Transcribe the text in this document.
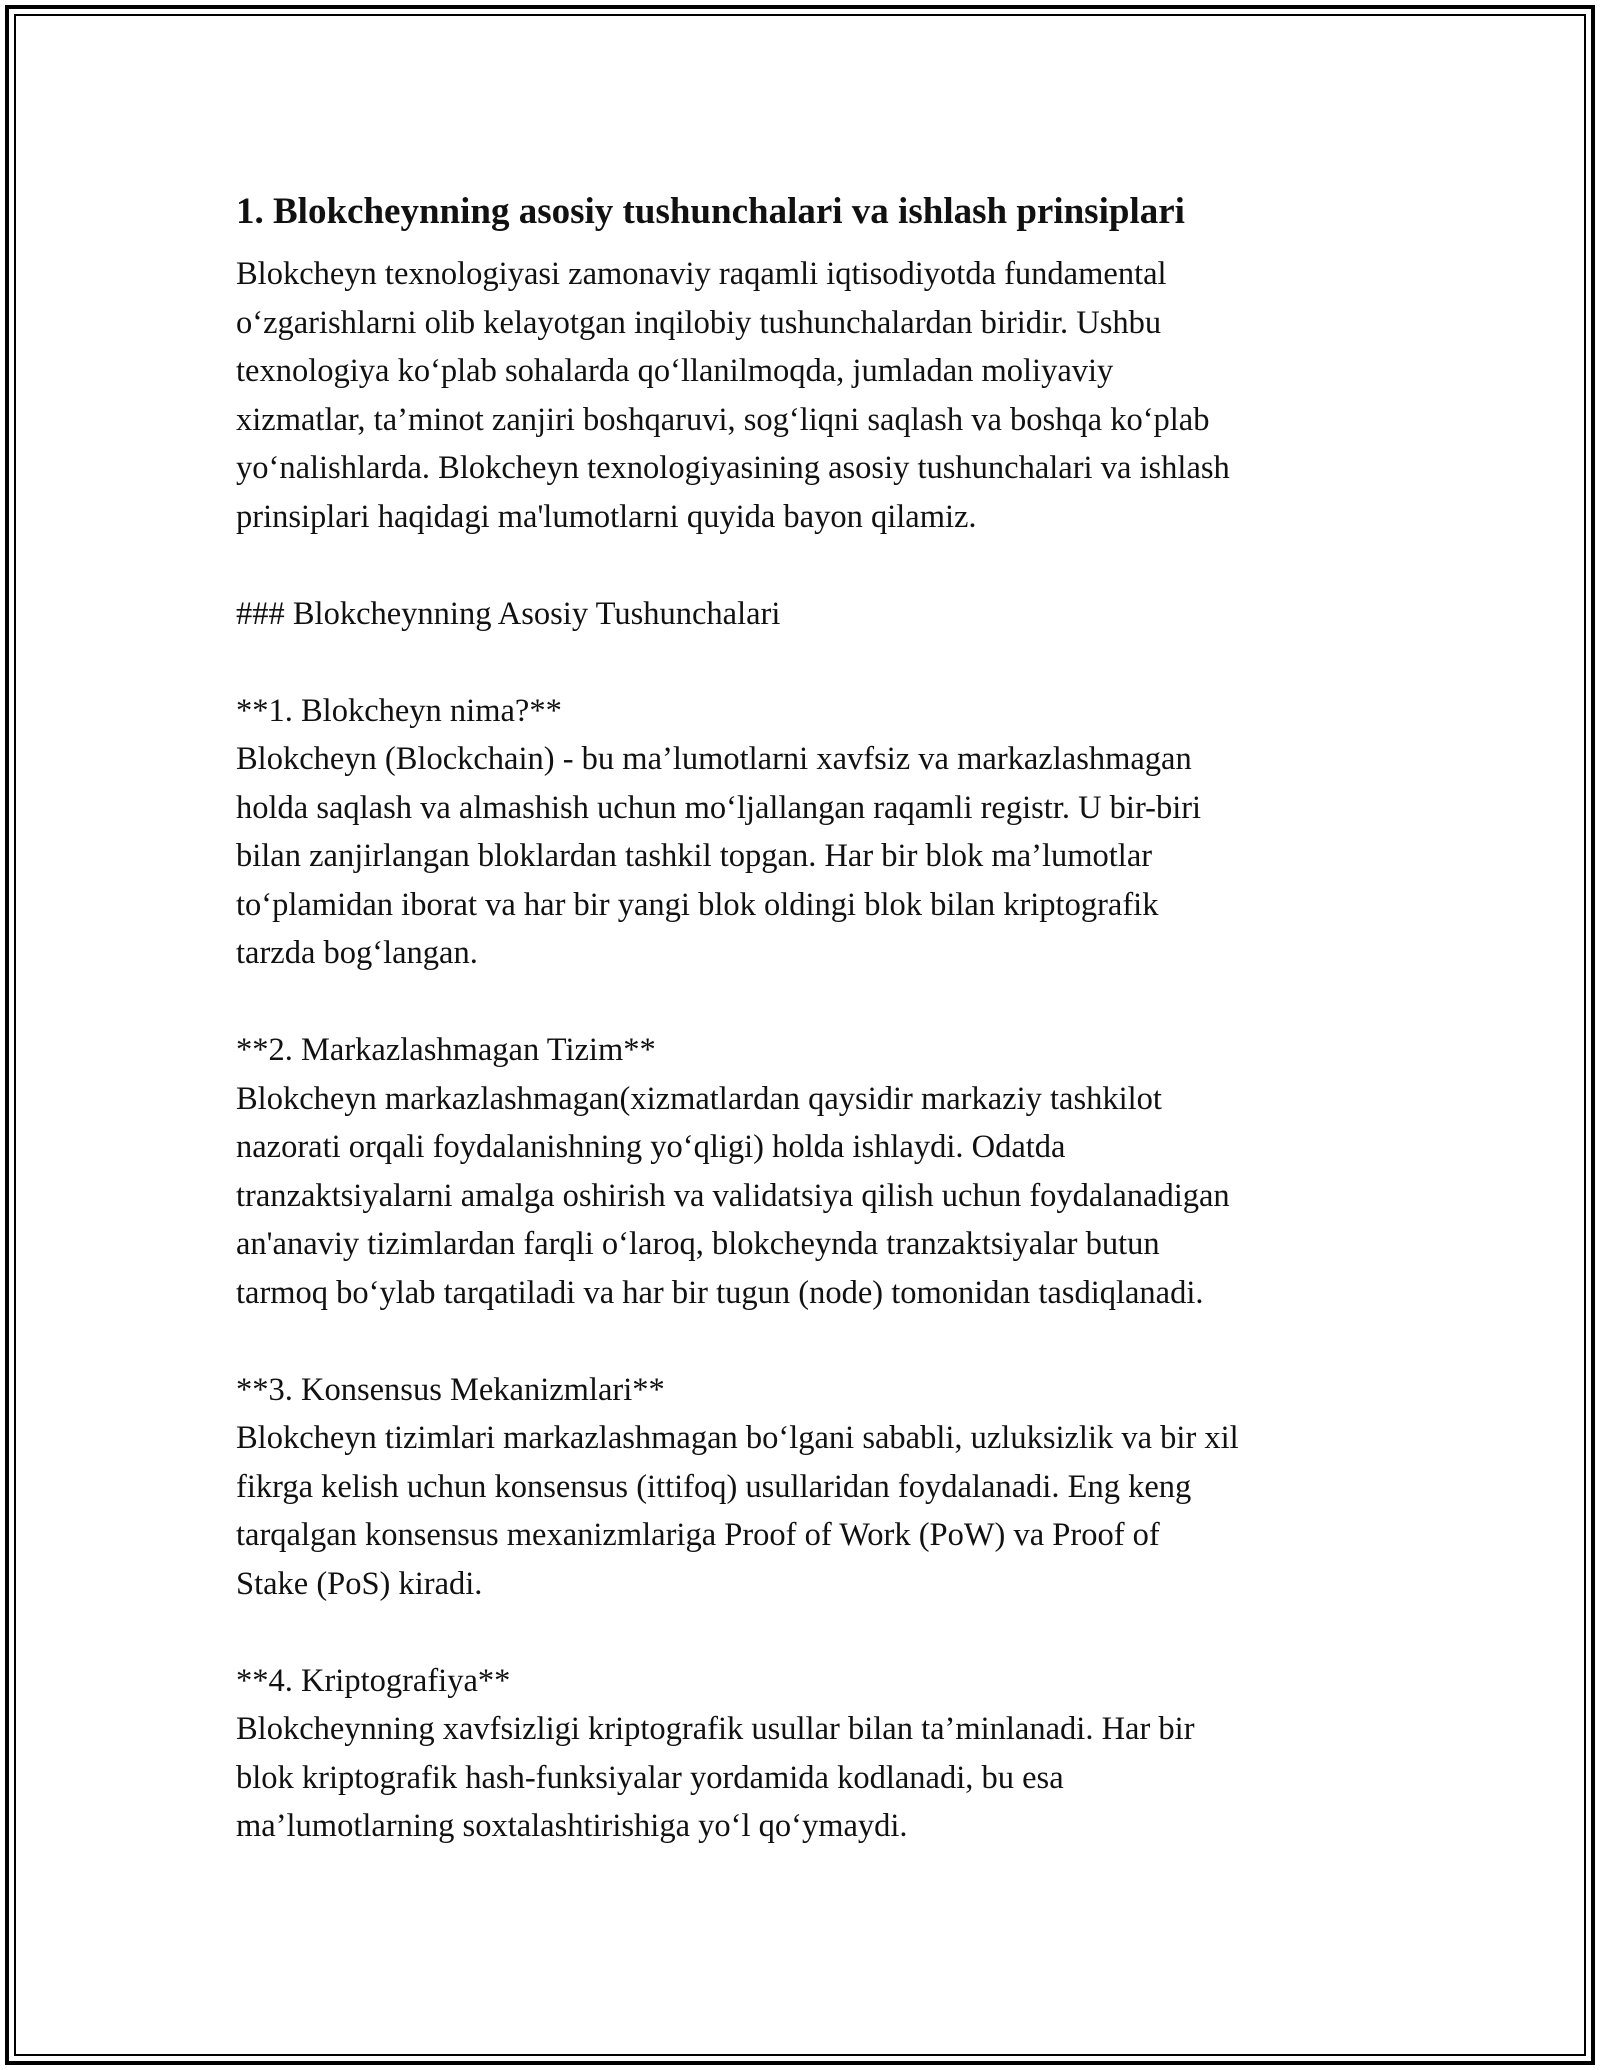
1. Blokcheynning asosiy tushunchalari va ishlash prinsiplari
Blokcheyn texnologiyasi zamonaviy raqamli iqtisodiyotda fundamental
o‘zgarishlarni olib kelayotgan inqilobiy tushunchalardan biridir. Ushbu
texnologiya ko‘plab sohalarda qo‘llanilmoqda, jumladan moliyaviy
xizmatlar, ta’minot zanjiri boshqaruvi, sog‘liqni saqlash va boshqa ko‘plab
yo‘nalishlarda. Blokcheyn texnologiyasining asosiy tushunchalari va ishlash
prinsiplari haqidagi ma'lumotlarni quyida bayon qilamiz.
### Blokcheynning Asosiy Tushunchalari
**1. Blokcheyn nima?**
Blokcheyn (Blockchain) - bu ma’lumotlarni xavfsiz va markazlashmagan
holda saqlash va almashish uchun mo‘ljallangan raqamli registr. U bir-biri
bilan zanjirlangan bloklardan tashkil topgan. Har bir blok ma’lumotlar
to‘plamidan iborat va har bir yangi blok oldingi blok bilan kriptografik
tarzda bog‘langan.
**2. Markazlashmagan Tizim**
Blokcheyn markazlashmagan(xizmatlardan qaysidir markaziy tashkilot
nazorati orqali foydalanishning yo‘qligi) holda ishlaydi. Odatda
tranzaktsiyalarni amalga oshirish va validatsiya qilish uchun foydalanadigan
an'anaviy tizimlardan farqli o‘laroq, blokcheynda tranzaktsiyalar butun
tarmoq bo‘ylab tarqatiladi va har bir tugun (node) tomonidan tasdiqlanadi.
**3. Konsensus Mekanizmlari**
Blokcheyn tizimlari markazlashmagan bo‘lgani sababli, uzluksizlik va bir xil
fikrga kelish uchun konsensus (ittifoq) usullaridan foydalanadi. Eng keng
tarqalgan konsensus mexanizmlariga Proof of Work (PoW) va Proof of
Stake (PoS) kiradi.
**4. Kriptografiya**
Blokcheynning xavfsizligi kriptografik usullar bilan ta’minlanadi. Har bir
blok kriptografik hash-funksiyalar yordamida kodlanadi, bu esa
ma’lumotlarning soxtalashtirishiga yo‘l qo‘ymaydi.
